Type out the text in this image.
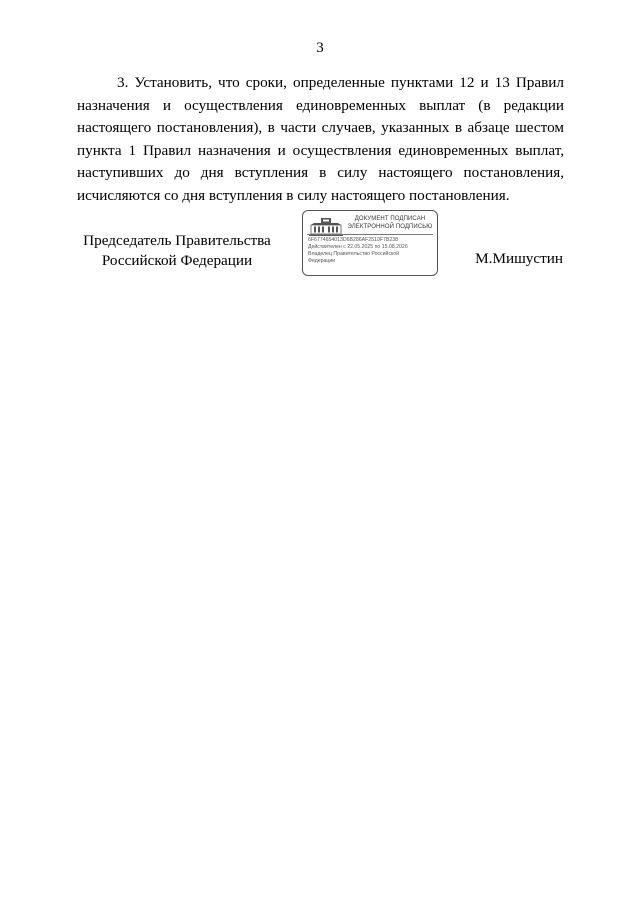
3

3. Установить, что сроки, определенные пунктами 12 и 13 Правил назначения и осуществления единовременных выплат (в редакции настоящего постановления), в части случаев, указанных в абзаце шестом пункта 1 Правил назначения и осуществления единовременных выплат, наступивших до дня вступления в силу настоящего постановления, исчисляются со дня вступления в силу настоящего постановления.

Председатель Правительства
Российской Федерации
ДОКУМЕНТ ПОДПИСАН
ЭЛЕКТРОННОЙ ПОДПИСЬЮ
6F6774654013D6B286AF2510F7B238
Действителен с 22.05.2025 по 15.08.2026
Владелец Правительство Российской
Федерации	М.Мишустин
